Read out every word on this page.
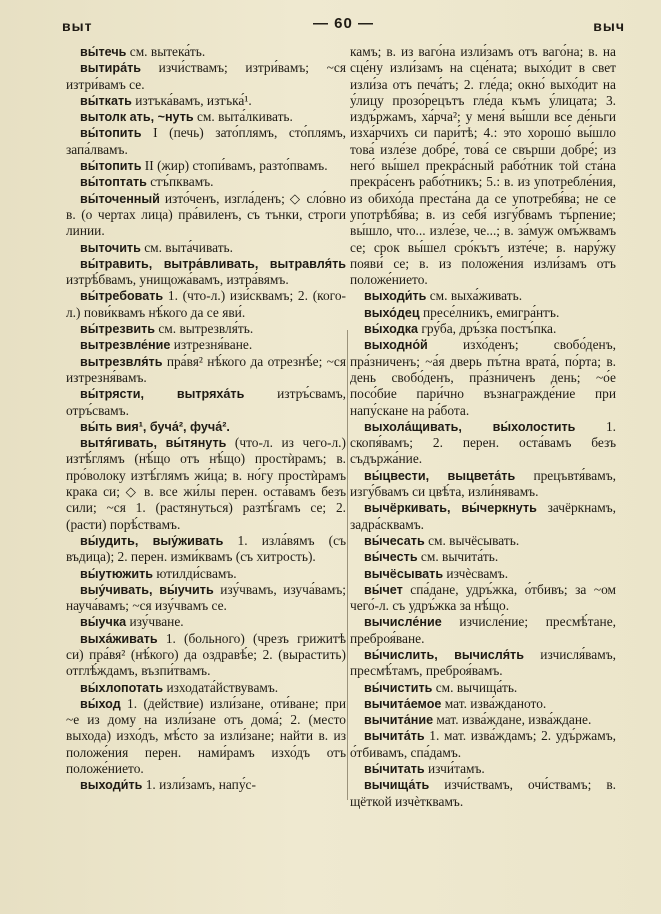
выт	— 60 —	выч

вы́течь см. вытека́ть.

вытира́ть изчи́ствамъ; изтри́вамъ; ~ся изтри́вамъ се.

вы́ткать изтъка́вамъ, изтъка́¹.

вытолк ать, ~нуть см. выта́лкивать.

вы́топить I (печь) зато́плямъ, сто́плямъ, запа́лвамъ.

вы́топить II (жир) стопи́вамъ, разто́пвамъ.

вы́топтать стъ́пквамъ.

вы́точенный изто́ченъ, изгла́денъ; ◇ сло́вно в. (о чертах лица) пра́виленъ, съ тънки, строги линии.

выточить см. выта́чивать.

вы́травить, вытра́вливать, вытравля́ть изтрѣ́бвамъ, унищожа́вамъ, изтра́вямъ.

вы́требовать 1. (что-л.) изи́сквамъ; 2. (кого-л.) пови́квамъ нѣ́кого да се яви́.

вы́трезвить см. вытрезвля́ть.

вытрезвле́ние изтрезня́ване.

вытрезвля́ть пра́вя² нѣ́кого да отрезнѣ́е; ~ся изтрезня́вамъ.

вы́трясти, вытряха́ть изтръ́свамъ, отръ́свамъ.

вы́ть вия¹, буча́², фуча́².

вытя́гивать, вы́тянуть (что-л. из чего-л.) изтѣ́глямъ (нѣ́що отъ нѣ́що) простѝрамъ; в. про́волоку изтѣ́глямъ жи́ца; в. но́гу простѝрамъ крака си; ◇ в. все жи́лы перен. оста́вамъ безъ сили; ~ся 1. (растянуться) разтѣ́гамъ се; 2. (расти) порѣ́ствамъ.

вы́удить, выу́живать 1. изла́вямъ (съ въдица); 2. перен. изми́квамъ (съ хитрость).

вы́утюжить ютилди́свамъ.

выу́чивать, вы́учить изу́чвамъ, изуча́вамъ; науча́вамъ; ~ся изу́чвамъ се.

вы́учка изу́чване.

выха́живать 1. (больного) (чрезъ грижитѣ си) пра́вя² (нѣ́кого) да оздравѣ́е; 2. (вырастить) отглѣ́ждамъ, възпи́твамъ.

вы́хлопотать изходата́йствувамъ.

вы́ход 1. (действие) изли́зане, оти́ване; при ~е из дому на изли́зане отъ дома́; 2. (место выхода) изхо́дъ, мѣ́сто за изли́зане; найти в. из положе́ния перен. нами́рамъ изхо́дъ отъ положе́нието.

выходи́ть 1. изли́замъ, напу́с-

камъ; в. из ваго́на изли́замъ отъ ваго́на; в. на сце́ну изли́замъ на сце́ната; выхо́дит в свет изли́за отъ печа́тъ; 2. гле́да; окно́ выхо́дит на у́лицу прозо́рецътъ гле́да къмъ у́лицата; 3. издъ́ржамъ, ха́рча²; у меня́ вы́шли все де́ньги изха́рчихъ си пари́тѣ; 4.: это хорошо́ вы́шло това́ изле́зе добре́, това́ се свърши добре́; из него́ вы́шел прекра́сный рабо́тник той ста́на прекра́сенъ рабо́тникъ; 5.: в. из употребле́ния, из обихо́да преста́на да се употребя́ва; не се употрѣбя́ва; в. из себя́ изгу́бвамъ тъ́рпение; вы́шло, что... изле́зе, че...; в. за́муж омъ́жвамъ се; срок вы́шел сро́кътъ изте́че; в. нару́жу появи́ се; в. из положе́ния изли́замъ отъ положе́нието.

выходи́ть см. выха́живать.

выхо́дец пресе́лникъ, емигра́нтъ.

вы́ходка гру́ба, дръ́зка постъ́пка.

выходно́й изхо́денъ; свобо́денъ, пра́зниченъ; ~а́я дверь пъ́тна врата́, по́рта; в. день свобо́денъ, пра́зниченъ день; ~о́е посо́бие пари́чно възнагражде́ние при напу́скане на ра́бота.

выхола́щивать, вы́холостить 1. скопя́вамъ; 2. перен. оста́вамъ безъ съдържа́ние.

вы́цвести, выцвета́ть прецъвтя́вамъ, изгу́бвамъ си цвѣ́та, изли́нявамъ.

вычёркивать, вы́черкнуть зачёркнамъ, задра́сквамъ.

вы́чесать см. вычёсывать.

вы́честь см. вычита́ть.

вычёсывать изчѐсвамъ.

вы́чет спа́дане, удръ́жка, о́тбивъ; за ~ом чего́-л. съ удръ́жка за нѣ́що.

вычисле́ние изчисле́ние; пресмѣ́тане, преброя́ване.

вы́числить, вычисля́ть изчисля́вамъ, пресмѣ́тамъ, преброя́вамъ.

вы́чистить см. вычища́ть.

вычита́емое мат. изва́жданото.

вычита́ние мат. изва́ждане, изва́ждане.

вычита́ть 1. мат. изва́ждамъ; 2. удъ́ржамъ, о́тбивамъ, спа́дамъ.

вы́читать изчи́тамъ.

вычища́ть изчи́ствамъ, очи́ствамъ; в. щёткой изчѐтквамъ.
